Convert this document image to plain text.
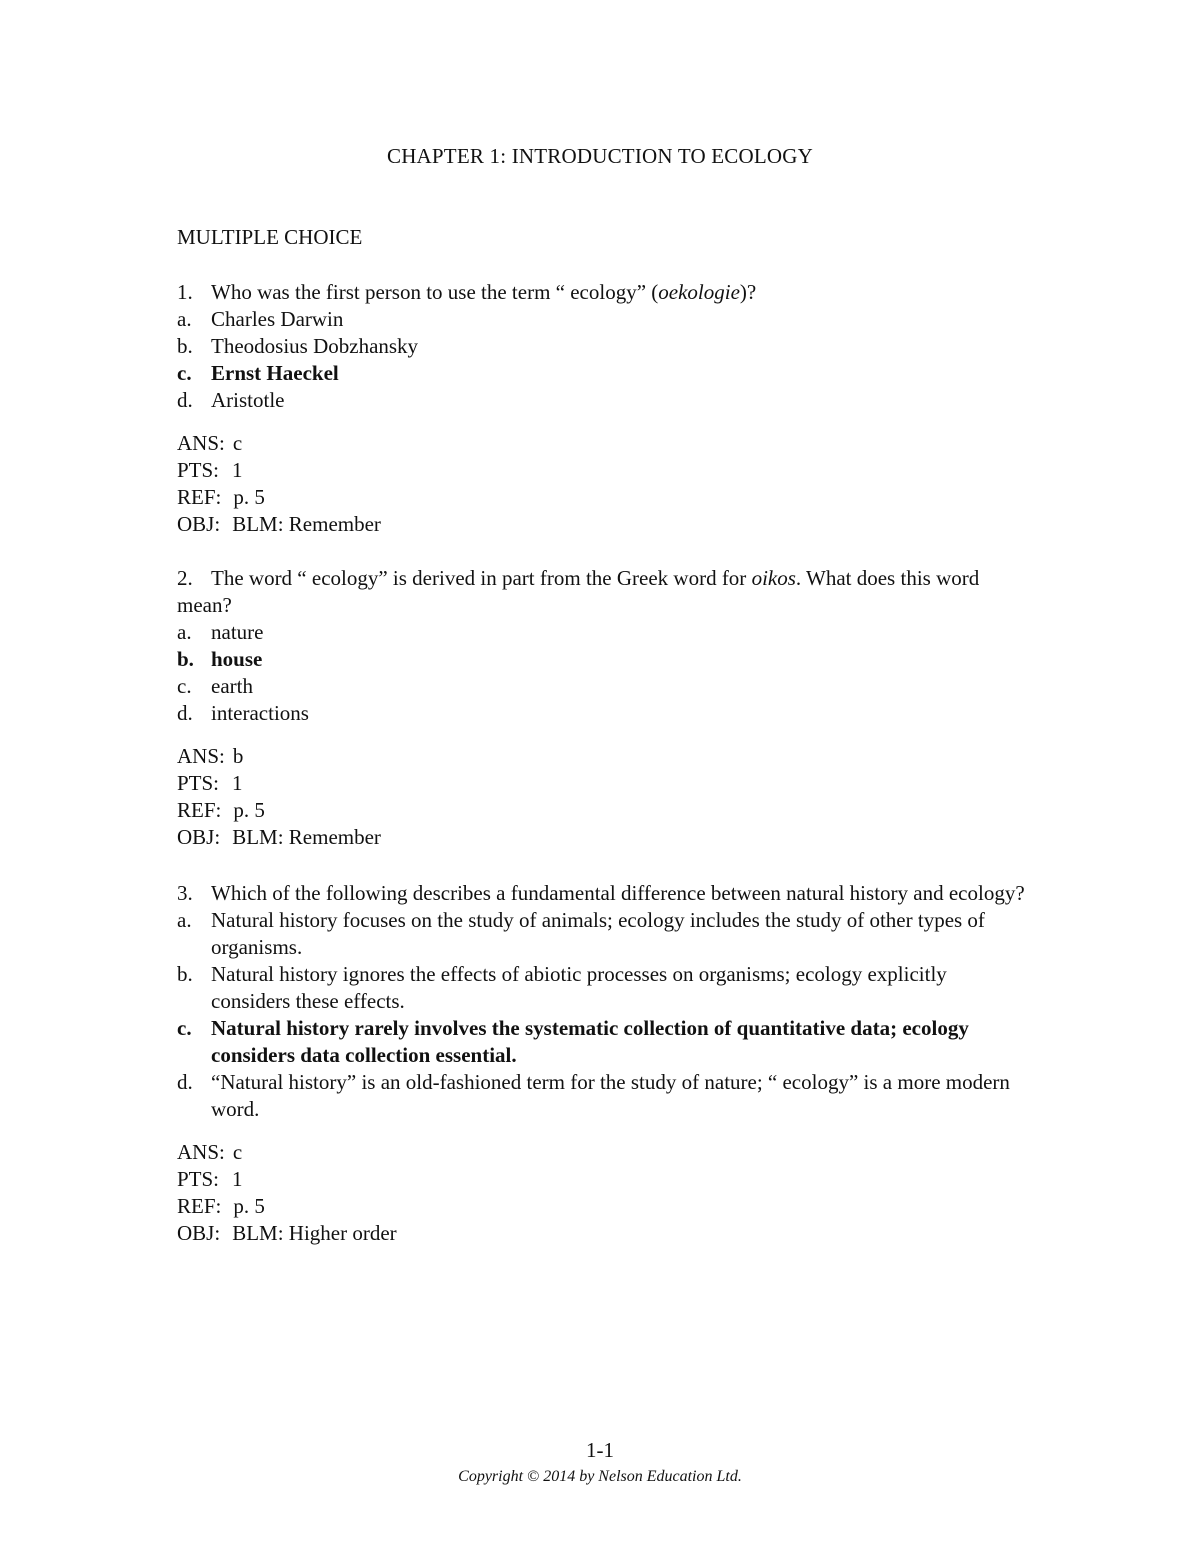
CHAPTER 1: INTRODUCTION TO ECOLOGY
MULTIPLE CHOICE
1. Who was the first person to use the term “ ecology” (oekologie)?
a. Charles Darwin
b. Theodosius Dobzhansky
c. Ernst Haeckel
d. Aristotle
ANS: c
PTS: 1
REF: p. 5
OBJ: BLM: Remember
2. The word “ ecology” is derived in part from the Greek word for oikos. What does this word mean?
a. nature
b. house
c. earth
d. interactions
ANS: b
PTS: 1
REF: p. 5
OBJ: BLM: Remember
3. Which of the following describes a fundamental difference between natural history and ecology?
a. Natural history focuses on the study of animals; ecology includes the study of other types of organisms.
b. Natural history ignores the effects of abiotic processes on organisms; ecology explicitly considers these effects.
c. Natural history rarely involves the systematic collection of quantitative data; ecology considers data collection essential.
d. “Natural history” is an old-fashioned term for the study of nature; “ ecology” is a more modern word.
ANS: c
PTS: 1
REF: p. 5
OBJ: BLM: Higher order
1-1
Copyright © 2014 by Nelson Education Ltd.
